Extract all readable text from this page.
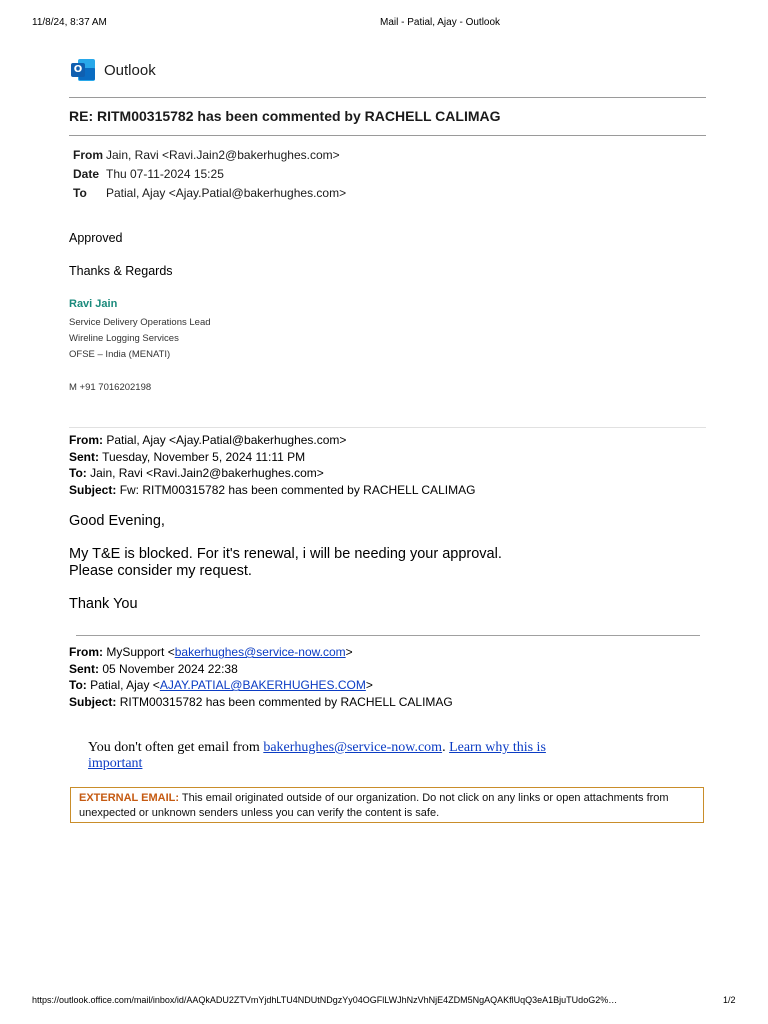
11/8/24, 8:37 AM	Mail - Patial, Ajay - Outlook
O Outlook
RE: RITM00315782 has been commented by RACHELL CALIMAG
From Jain, Ravi <Ravi.Jain2@bakerhughes.com>
Date Thu 07-11-2024 15:25
To Patial, Ajay <Ajay.Patial@bakerhughes.com>
Approved
Thanks & Regards
Ravi Jain
Service Delivery Operations Lead
Wireline Logging Services
OFSE – India (MENATI)
M +91 7016202198
From: Patial, Ajay <Ajay.Patial@bakerhughes.com>
Sent: Tuesday, November 5, 2024 11:11 PM
To: Jain, Ravi <Ravi.Jain2@bakerhughes.com>
Subject: Fw: RITM00315782 has been commented by RACHELL CALIMAG
Good Evening,
My T&E is blocked. For it's renewal, i will be needing your approval.
Please consider my request.
Thank You
From: MySupport <bakerhughes@service-now.com>
Sent: 05 November 2024 22:38
To: Patial, Ajay <AJAY.PATIAL@BAKERHUGHES.COM>
Subject: RITM00315782 has been commented by RACHELL CALIMAG
You don't often get email from bakerhughes@service-now.com. Learn why this is
important
EXTERNAL EMAIL: This email originated outside of our organization. Do not click on any links or open attachments from unexpected or unknown senders unless you can verify the content is safe.
https://outlook.office.com/mail/inbox/id/AAQkADU2ZTVmYjdhLTU4NDUtNDgzYy04OGFlLWJhNzVhNjE4ZDM5NgAQAKflUqQ3eA1BjuTUdoG2%…	1/2
